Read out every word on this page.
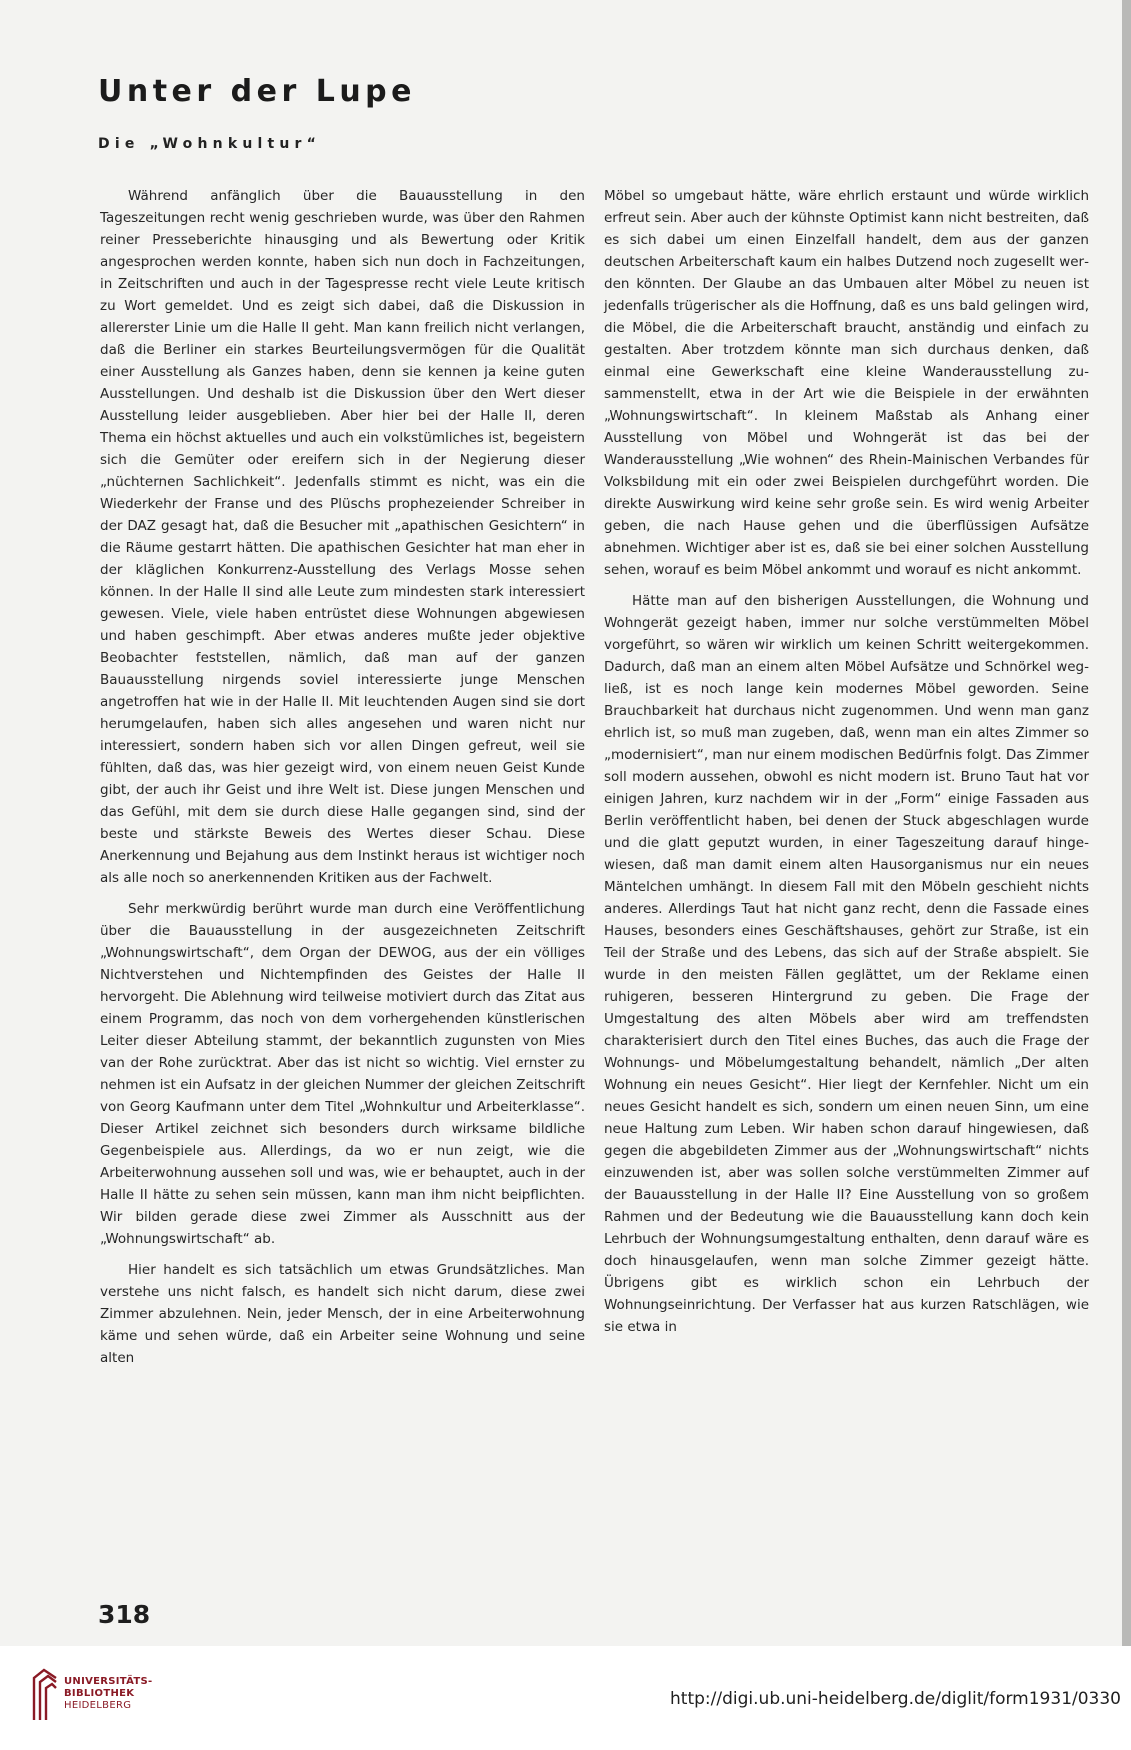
Unter der Lupe
Die „Wohnkultur“

Während anfänglich über die Bauausstellung in den Tageszeitungen recht wenig geschrieben wurde, was über den Rahmen reiner Presseberichte hinausging und als Bewertung oder Kritik angesprochen werden konnte, haben sich nun doch in Fachzeitungen, in Zeitschriften und auch in der Tagespresse recht viele Leute kritisch zu Wort gemeldet. Und es zeigt sich dabei, daß die Diskussion in allererster Linie um die Halle II geht. Man kann freilich nicht verlangen, daß die Berliner ein starkes Beurteilungsvermögen für die Qualität einer Ausstellung als Ganzes haben, denn sie kennen ja keine guten Ausstellungen. Und deshalb ist die Diskussion über den Wert dieser Ausstellung leider ausgeblieben. Aber hier bei der Halle II, deren Thema ein höchst aktuelles und auch ein volkstümliches ist, begeistern sich die Gemüter oder ereifern sich in der Negierung dieser „nüchternen Sachlichkeit“. Jedenfalls stimmt es nicht, was ein die Wiederkehr der Franse und des Plüschs prophezeiender Schreiber in der DAZ gesagt hat, daß die Besucher mit „apathischen Gesichtern“ in die Räume gestarrt hätten. Die apathischen Gesichter hat man eher in der kläglichen Konkurrenz-Ausstellung des Verlags Mosse sehen können. In der Halle II sind alle Leute zum mindesten stark interessiert gewesen. Viele, viele haben entrüstet diese Wohnungen abgewiesen und haben geschimpft. Aber etwas anderes mußte jeder objektive Beobachter feststellen, nämlich, daß man auf der ganzen Bauausstellung nirgends soviel interessierte junge Menschen angetroffen hat wie in der Halle II. Mit leuchtenden Augen sind sie dort herumgelaufen, haben sich alles angesehen und waren nicht nur interessiert, sondern haben sich vor allen Dingen gefreut, weil sie fühlten, daß das, was hier gezeigt wird, von einem neuen Geist Kunde gibt, der auch ihr Geist und ihre Welt ist. Diese jungen Menschen und das Gefühl, mit dem sie durch diese Halle gegangen sind, sind der beste und stärkste Beweis des Wertes dieser Schau. Diese Anerkennung und Bejahung aus dem Instinkt heraus ist wichtiger noch als alle noch so anerkennenden Kritiken aus der Fachwelt.

Sehr merkwürdig berührt wurde man durch eine Veröffentlichung über die Bauausstellung in der ausgezeichneten Zeitschrift „Wohnungswirtschaft“, dem Organ der DEWOG, aus der ein völliges Nichtverstehen und Nichtempfinden des Geistes der Halle II hervorgeht. Die Ablehnung wird teilweise motiviert durch das Zitat aus einem Programm, das noch von dem vorhergehenden künstlerischen Leiter dieser Abteilung stammt, der bekanntlich zugunsten von Mies van der Rohe zurücktrat. Aber das ist nicht so wichtig. Viel ernster zu nehmen ist ein Aufsatz in der gleichen Nummer der gleichen Zeitschrift von Georg Kaufmann unter dem Titel „Wohnkultur und Arbeiterklasse“. Dieser Artikel zeichnet sich besonders durch wirksame bildliche Gegenbeispiele aus. Allerdings, da wo er nun zeigt, wie die Arbeiterwohnung aussehen soll und was, wie er behauptet, auch in der Halle II hätte zu sehen sein müssen, kann man ihm nicht beipflichten. Wir bilden gerade diese zwei Zimmer als Ausschnitt aus der „Wohnungswirtschaft“ ab.

Hier handelt es sich tatsächlich um etwas Grundsätzliches. Man verstehe uns nicht falsch, es handelt sich nicht darum, diese zwei Zimmer abzulehnen. Nein, jeder Mensch, der in eine Arbeiterwohnung käme und sehen würde, daß ein Arbeiter seine Wohnung und seine alten

Möbel so umgebaut hätte, wäre ehrlich erstaunt und würde wirklich erfreut sein. Aber auch der kühnste Optimist kann nicht bestreiten, daß es sich dabei um einen Einzelfall handelt, dem aus der ganzen deutschen Arbeiterschaft kaum ein halbes Dutzend noch zugesellt werden könnten. Der Glaube an das Umbauen alter Möbel zu neuen ist jedenfalls trügerischer als die Hoffnung, daß es uns bald gelingen wird, die Möbel, die die Arbeiterschaft braucht, anständig und einfach zu gestalten. Aber trotzdem könnte man sich durchaus denken, daß einmal eine Gewerkschaft eine kleine Wanderausstellung zusammenstellt, etwa in der Art wie die Beispiele in der erwähnten „Wohnungswirtschaft“. In kleinem Maßstab als Anhang einer Ausstellung von Möbel und Wohngerät ist das bei der Wanderausstellung „Wie wohnen“ des Rhein-Mainischen Verbandes für Volksbildung mit ein oder zwei Beispielen durchgeführt worden. Die direkte Auswirkung wird keine sehr große sein. Es wird wenig Arbeiter geben, die nach Hause gehen und die überflüssigen Aufsätze abnehmen. Wichtiger aber ist es, daß sie bei einer solchen Ausstellung sehen, worauf es beim Möbel ankommt und worauf es nicht ankommt.

Hätte man auf den bisherigen Ausstellungen, die Wohnung und Wohngerät gezeigt haben, immer nur solche verstümmelten Möbel vorgeführt, so wären wir wirklich um keinen Schritt weitergekommen. Dadurch, daß man an einem alten Möbel Aufsätze und Schnörkel wegließ, ist es noch lange kein modernes Möbel geworden. Seine Brauchbarkeit hat durchaus nicht zugenommen. Und wenn man ganz ehrlich ist, so muß man zugeben, daß, wenn man ein altes Zimmer so „modernisiert“, man nur einem modischen Bedürfnis folgt. Das Zimmer soll modern aussehen, obwohl es nicht modern ist. Bruno Taut hat vor einigen Jahren, kurz nachdem wir in der „Form“ einige Fassaden aus Berlin veröffentlicht haben, bei denen der Stuck abgeschlagen wurde und die glatt geputzt wurden, in einer Tageszeitung darauf hingewiesen, daß man damit einem alten Hausorganismus nur ein neues Mäntelchen umhängt. In diesem Fall mit den Möbeln geschieht nichts anderes. Allerdings Taut hat nicht ganz recht, denn die Fassade eines Hauses, besonders eines Geschäftshauses, gehört zur Straße, ist ein Teil der Straße und des Lebens, das sich auf der Straße abspielt. Sie wurde in den meisten Fällen geglättet, um der Reklame einen ruhigeren, besseren Hintergrund zu geben. Die Frage der Umgestaltung des alten Möbels aber wird am treffendsten charakterisiert durch den Titel eines Buches, das auch die Frage der Wohnungs- und Möbelumgestaltung behandelt, nämlich „Der alten Wohnung ein neues Gesicht“. Hier liegt der Kernfehler. Nicht um ein neues Gesicht handelt es sich, sondern um einen neuen Sinn, um eine neue Haltung zum Leben. Wir haben schon darauf hingewiesen, daß gegen die abgebildeten Zimmer aus der „Wohnungswirtschaft“ nichts einzuwenden ist, aber was sollen solche verstümmelten Zimmer auf der Bauausstellung in der Halle II? Eine Ausstellung von so großem Rahmen und der Bedeutung wie die Bauausstellung kann doch kein Lehrbuch der Wohnungsumgestaltung enthalten, denn darauf wäre es doch hinausgelaufen, wenn man solche Zimmer gezeigt hätte. Übrigens gibt es wirklich schon ein Lehrbuch der Wohnungseinrichtung. Der Verfasser hat aus kurzen Ratschlägen, wie sie etwa in

318
UNIVERSITÄTS-
BIBLIOTHEK
HEIDELBERG	http://digi.ub.uni-heidelberg.de/diglit/form1931/0330
